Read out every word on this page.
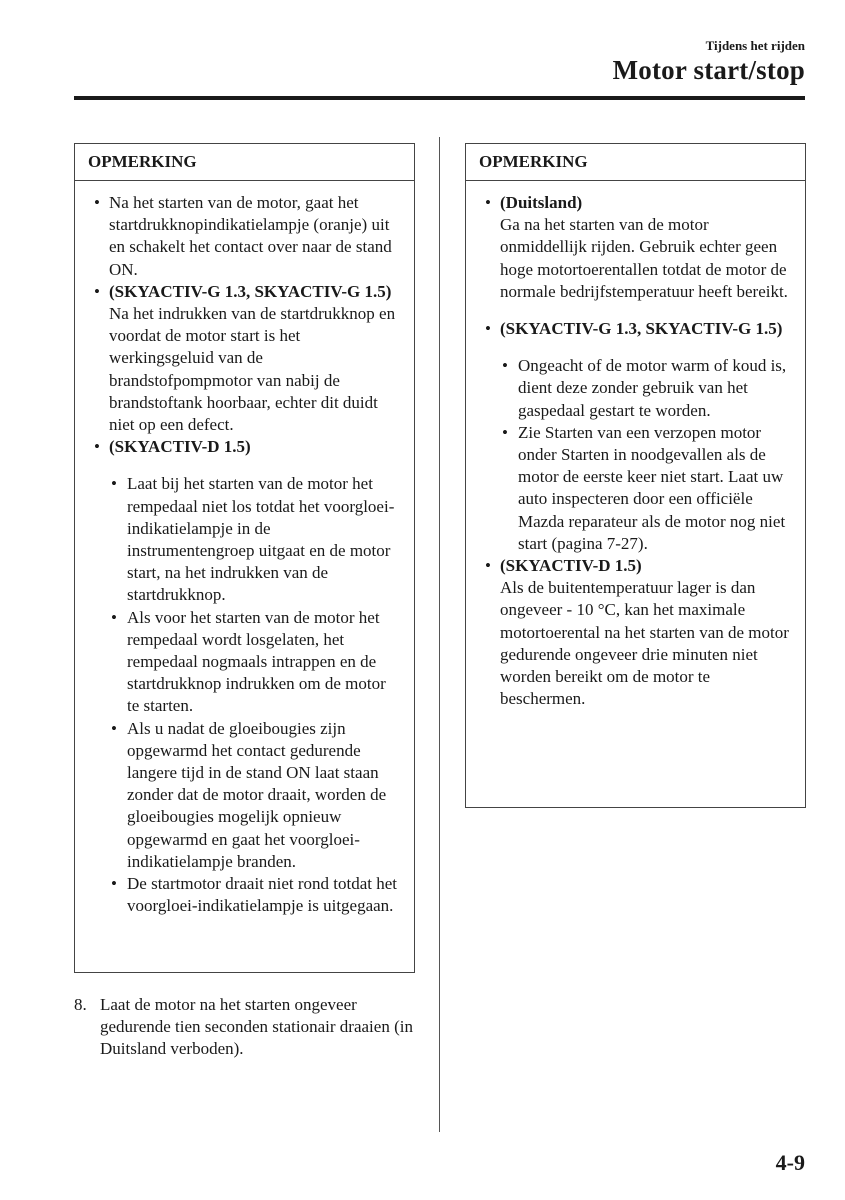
Tijdens het rijden
Motor start/stop
OPMERKING
• Na het starten van de motor, gaat het startdrukknopindikatielampje (oranje) uit en schakelt het contact over naar de stand ON.
• (SKYACTIV-G 1.3, SKYACTIV-G 1.5)
Na het indrukken van de startdrukknop en voordat de motor start is het werkingsgeluid van de brandstofpompmotor van nabij de brandstoftank hoorbaar, echter dit duidt niet op een defect.
• (SKYACTIV-D 1.5)
• Laat bij het starten van de motor het rempedaal niet los totdat het voorgloei-indikatielampje in de instrumentengroep uitgaat en de motor start, na het indrukken van de startdrukknop.
• Als voor het starten van de motor het rempedaal wordt losgelaten, het rempedaal nogmaals intrappen en de startdrukknop indrukken om de motor te starten.
• Als u nadat de gloeibougies zijn opgewarmd het contact gedurende langere tijd in de stand ON laat staan zonder dat de motor draait, worden de gloeibougies mogelijk opnieuw opgewarmd en gaat het voorgloei-indikatielampje branden.
• De startmotor draait niet rond totdat het voorgloei-indikatielampje is uitgegaan.
8. Laat de motor na het starten ongeveer gedurende tien seconden stationair draaien (in Duitsland verboden).
OPMERKING
• (Duitsland)
Ga na het starten van de motor onmiddellijk rijden. Gebruik echter geen hoge motortoerentallen totdat de motor de normale bedrijfstemperatuur heeft bereikt.
• (SKYACTIV-G 1.3, SKYACTIV-G 1.5)
• Ongeacht of de motor warm of koud is, dient deze zonder gebruik van het gaspedaal gestart te worden.
• Zie Starten van een verzopen motor onder Starten in noodgevallen als de motor de eerste keer niet start. Laat uw auto inspecteren door een officiële Mazda reparateur als de motor nog niet start (pagina 7-27).
• (SKYACTIV-D 1.5)
Als de buitentemperatuur lager is dan ongeveer - 10 °C, kan het maximale motortoerental na het starten van de motor gedurende ongeveer drie minuten niet worden bereikt om de motor te beschermen.
4-9
